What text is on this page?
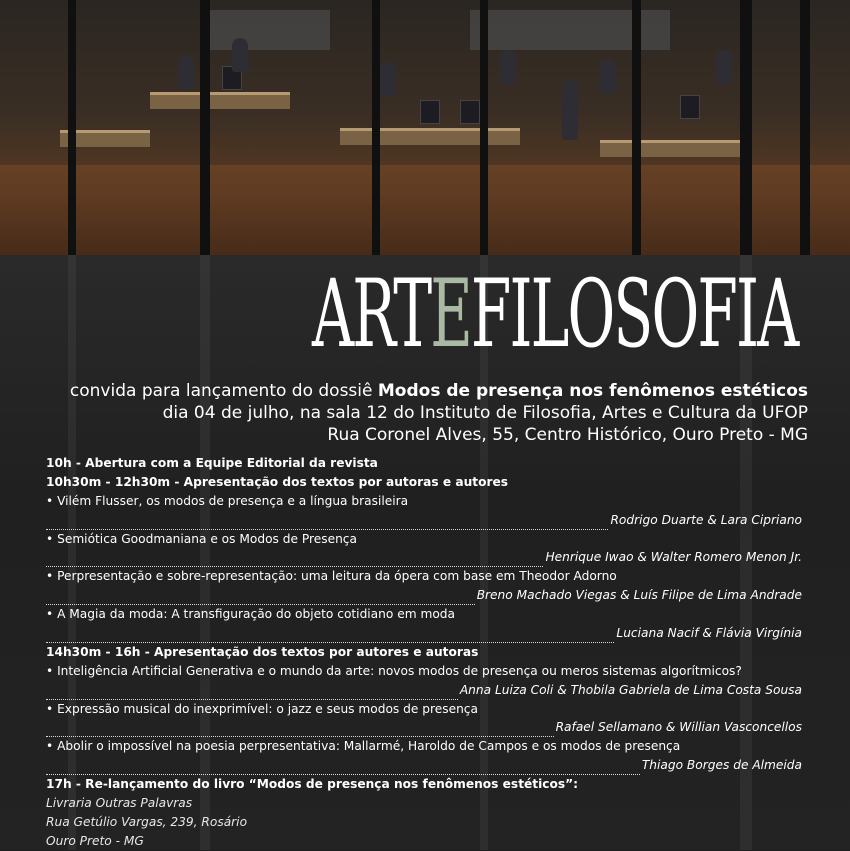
ARTEFILOSOFIA
convida para lançamento do dossiê Modos de presença nos fenômenos estéticos
dia 04 de julho, na sala 12 do Instituto de Filosofia, Artes e Cultura da UFOP
Rua Coronel Alves, 55, Centro Histórico, Ouro Preto - MG
10h - Abertura com a Equipe Editorial da revista
10h30m - 12h30m - Apresentação dos textos por autoras e autores
• Vilém Flusser, os modos de presença e a língua brasileira
Rodrigo Duarte & Lara Cipriano
• Semiótica Goodmaniana e os Modos de Presença
Henrique Iwao & Walter Romero Menon Jr.
• Perpresentação e sobre-representação: uma leitura da ópera com base em Theodor Adorno
Breno Machado Viegas & Luís Filipe de Lima Andrade
• A Magia da moda: A transfiguração do objeto cotidiano em moda
Luciana Nacif & Flávia Virgínia
14h30m - 16h - Apresentação dos textos por autores e autoras
• Inteligência Artificial Generativa e o mundo da arte: novos modos de presença ou meros sistemas algorítmicos?
Anna Luiza Coli & Thobila Gabriela de Lima Costa Sousa
• Expressão musical do inexprimível: o jazz e seus modos de presença
Rafael Sellamano & Willian Vasconcellos
• Abolir o impossível na poesia perpresentativa: Mallarmé, Haroldo de Campos e os modos de presença
Thiago Borges de Almeida
17h - Re-lançamento do livro “Modos de presença nos fenômenos estéticos”:
Livraria Outras Palavras
Rua Getúlio Vargas, 239, Rosário
Ouro Preto - MG
